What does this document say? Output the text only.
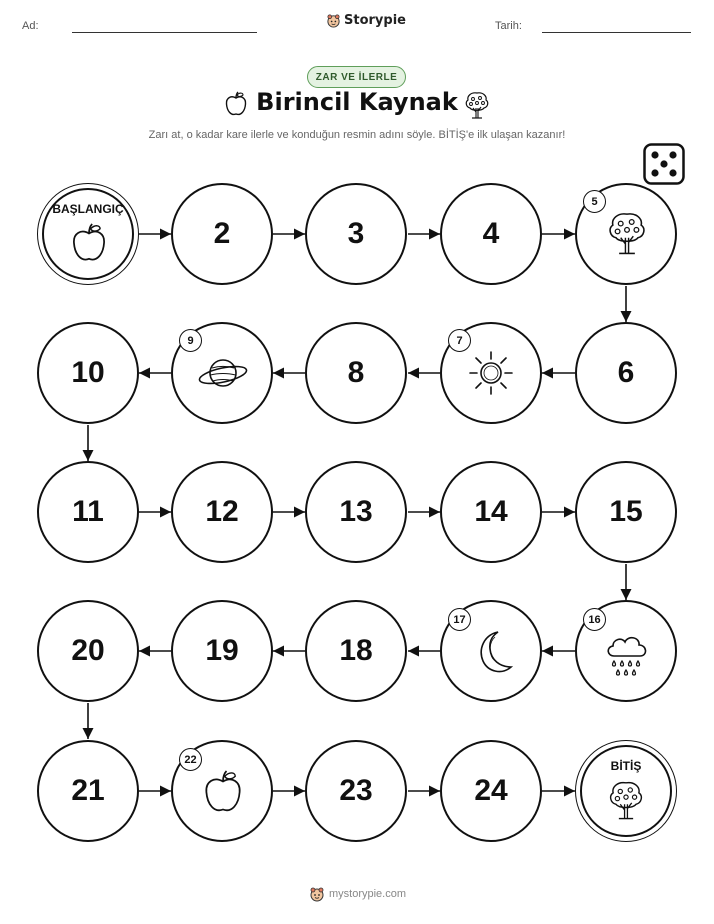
Ad:	Storypie	Tarih:
ZAR VE İLERLE
Birincil Kaynak
Zarı at, o kadar kare ilerle ve konduğun resmin adını söyle. BİTİŞ'e ilk ulaşan kazanır!
BAŞLANGIÇ
2	3	4
5
10
9
8
7
6
11	12	13	14	15
20	19	18
17	16
21
22
23	24
BİTİŞ
mystorypie.com
